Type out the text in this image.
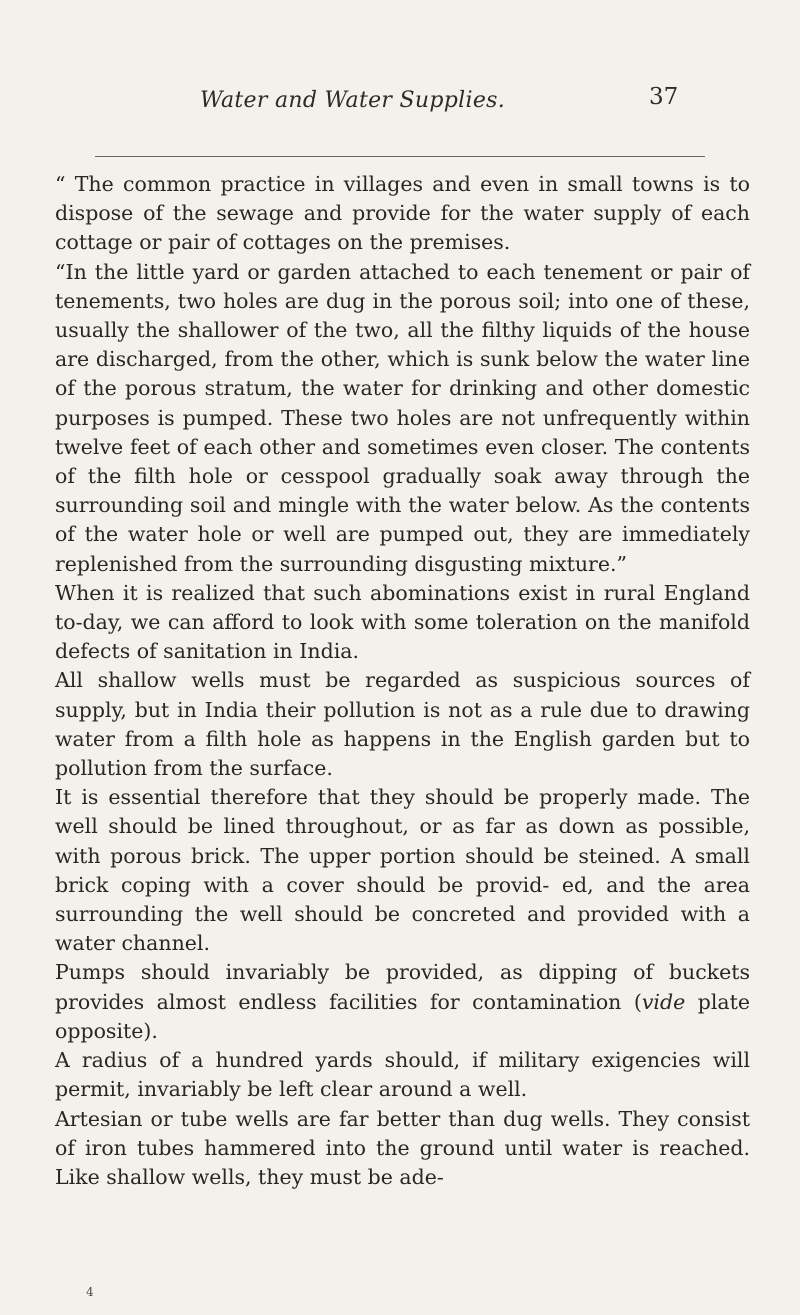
Water and Water Supplies.	37

“ The common practice in villages and even in small towns is to dispose of the sewage and provide for the water supply of each cottage or pair of cottages on the premises.

“In the little yard or garden attached to each tenement or pair of tenements, two holes are dug in the porous soil; into one of these, usually the shallower of the two, all the filthy liquids of the house are discharged, from the other, which is sunk below the water line of the porous stratum, the water for drinking and other domestic purposes is pumped. These two holes are not unfrequently within twelve feet of each other and sometimes even closer. The contents of the filth hole or cesspool gradually soak away through the surrounding soil and mingle with the water below. As the contents of the water hole or well are pumped out, they are immediately replenished from the surrounding disgusting mixture.”

When it is realized that such abominations exist in rural England to-day, we can afford to look with some toleration on the manifold defects of sanitation in India.

All shallow wells must be regarded as suspicious sources of supply, but in India their pollution is not as a rule due to drawing water from a filth hole as happens in the English garden but to pollution from the surface.

It is essential therefore that they should be properly made. The well should be lined throughout, or as far as down as possible, with porous brick. The upper portion should be steined. A small brick coping with a cover should be provid- ed, and the area surrounding the well should be concreted and provided with a water channel.

Pumps should invariably be provided, as dipping of buckets provides almost endless facilities for contamination (vide plate opposite).

A radius of a hundred yards should, if military exigencies will permit, invariably be left clear around a well.

Artesian or tube wells are far better than dug wells. They consist of iron tubes hammered into the ground until water is reached. Like shallow wells, they must be ade-

4
